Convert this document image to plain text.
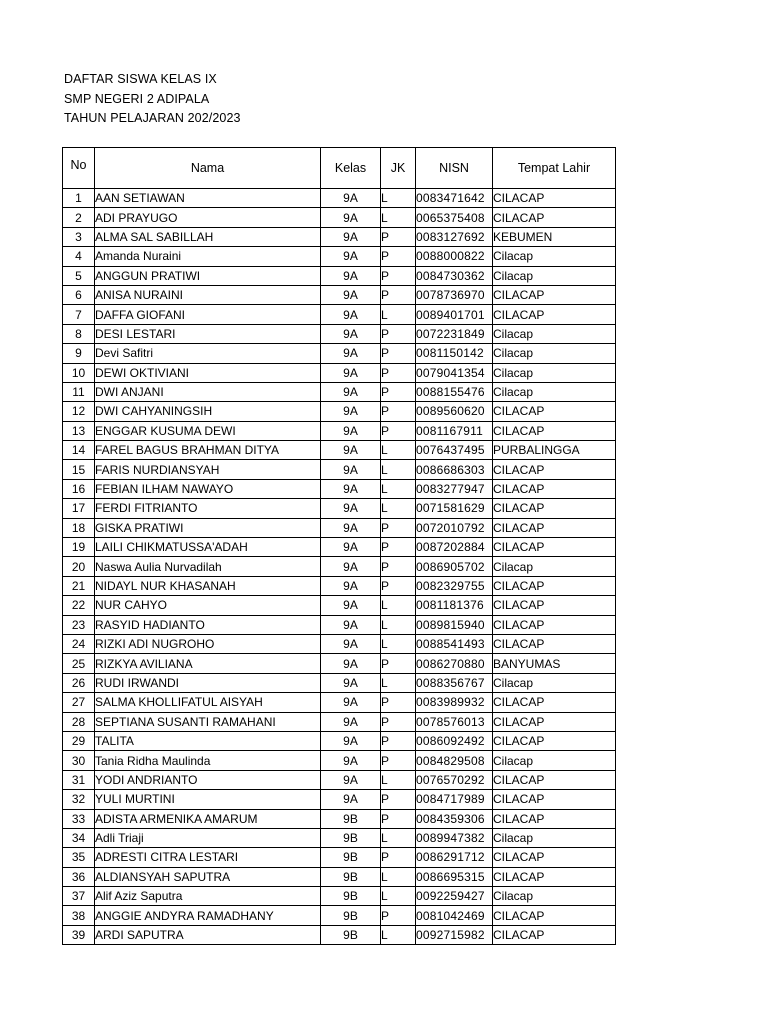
DAFTAR SISWA KELAS IX
SMP NEGERI 2 ADIPALA
TAHUN PELAJARAN 202/2023
No	Nama	Kelas	JK	NISN	Tempat Lahir
1	AAN SETIAWAN	9A	L	0083471642	CILACAP
2	ADI PRAYUGO	9A	L	0065375408	CILACAP
3	ALMA SAL SABILLAH	9A	P	0083127692	KEBUMEN
4	Amanda Nuraini	9A	P	0088000822	Cilacap
5	ANGGUN PRATIWI	9A	P	0084730362	Cilacap
6	ANISA NURAINI	9A	P	0078736970	CILACAP
7	DAFFA GIOFANI	9A	L	0089401701	CILACAP
8	DESI LESTARI	9A	P	0072231849	Cilacap
9	Devi Safitri	9A	P	0081150142	Cilacap
10	DEWI OKTIVIANI	9A	P	0079041354	Cilacap
11	DWI ANJANI	9A	P	0088155476	Cilacap
12	DWI CAHYANINGSIH	9A	P	0089560620	CILACAP
13	ENGGAR KUSUMA DEWI	9A	P	0081167911	CILACAP
14	FAREL BAGUS BRAHMAN DITYA	9A	L	0076437495	PURBALINGGA
15	FARIS NURDIANSYAH	9A	L	0086686303	CILACAP
16	FEBIAN ILHAM NAWAYO	9A	L	0083277947	CILACAP
17	FERDI FITRIANTO	9A	L	0071581629	CILACAP
18	GISKA PRATIWI	9A	P	0072010792	CILACAP
19	LAILI CHIKMATUSSA'ADAH	9A	P	0087202884	CILACAP
20	Naswa Aulia Nurvadilah	9A	P	0086905702	Cilacap
21	NIDAYL NUR KHASANAH	9A	P	0082329755	CILACAP
22	NUR CAHYO	9A	L	0081181376	CILACAP
23	RASYID HADIANTO	9A	L	0089815940	CILACAP
24	RIZKI ADI NUGROHO	9A	L	0088541493	CILACAP
25	RIZKYA AVILIANA	9A	P	0086270880	BANYUMAS
26	RUDI IRWANDI	9A	L	0088356767	Cilacap
27	SALMA KHOLLIFATUL AISYAH	9A	P	0083989932	CILACAP
28	SEPTIANA SUSANTI RAMAHANI	9A	P	0078576013	CILACAP
29	TALITA	9A	P	0086092492	CILACAP
30	Tania Ridha Maulinda	9A	P	0084829508	Cilacap
31	YODI ANDRIANTO	9A	L	0076570292	CILACAP
32	YULI MURTINI	9A	P	0084717989	CILACAP
33	ADISTA ARMENIKA AMARUM	9B	P	0084359306	CILACAP
34	Adli Triaji	9B	L	0089947382	Cilacap
35	ADRESTI CITRA LESTARI	9B	P	0086291712	CILACAP
36	ALDIANSYAH SAPUTRA	9B	L	0086695315	CILACAP
37	Alif Aziz Saputra	9B	L	0092259427	Cilacap
38	ANGGIE ANDYRA RAMADHANY	9B	P	0081042469	CILACAP
39	ARDI SAPUTRA	9B	L	0092715982	CILACAP
